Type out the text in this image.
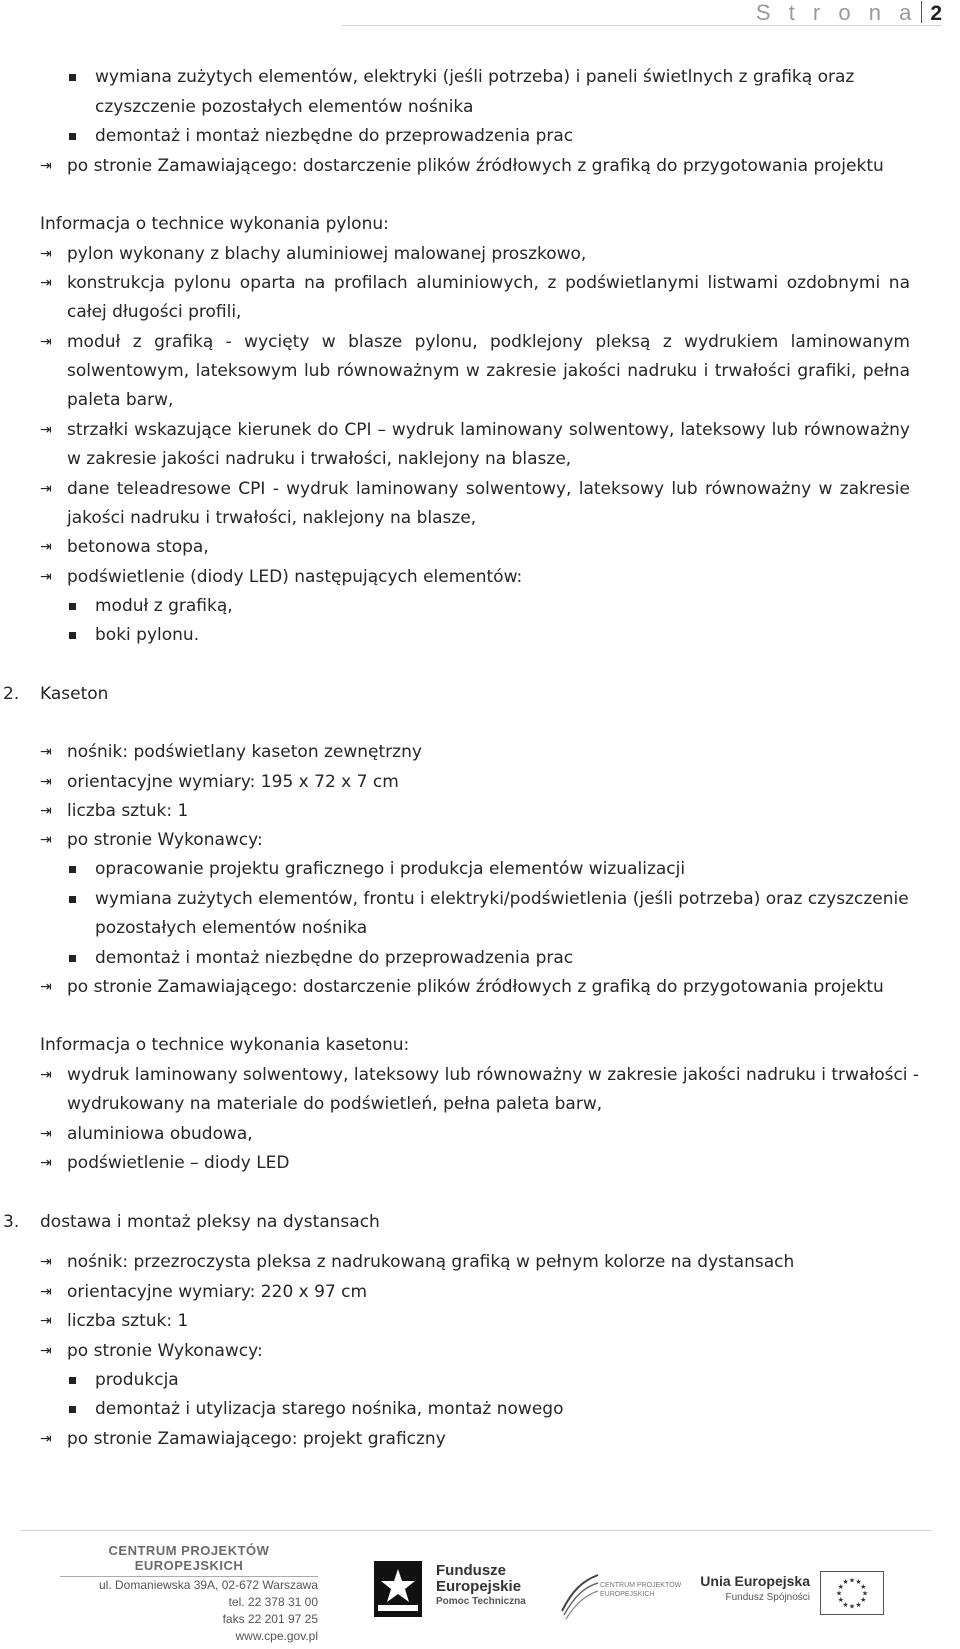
S t r o n a 2
wymiana zużytych elementów, elektryki (jeśli potrzeba) i paneli świetlnych z grafiką oraz
czyszczenie pozostałych elementów nośnika
demontaż i montaż niezbędne do przeprowadzenia prac
⇥ po stronie Zamawiającego: dostarczenie plików źródłowych z grafiką do przygotowania projektu
Informacja o technice wykonania pylonu:
⇥ pylon wykonany z blachy aluminiowej malowanej proszkowo,
⇥ konstrukcja pylonu oparta na profilach aluminiowych, z podświetlanymi listwami ozdobnymi na
całej długości profili,
⇥ moduł z grafiką - wycięty w blasze pylonu, podklejony pleksą z wydrukiem laminowanym
solwentowym, lateksowym lub równoważnym w zakresie jakości nadruku i trwałości grafiki, pełna
paleta barw,
⇥ strzałki wskazujące kierunek do CPI – wydruk laminowany solwentowy, lateksowy lub równoważny
w zakresie jakości nadruku i trwałości, naklejony na blasze,
⇥ dane teleadresowe CPI - wydruk laminowany solwentowy, lateksowy lub równoważny w zakresie
jakości nadruku i trwałości, naklejony na blasze,
⇥ betonowa stopa,
⇥ podświetlenie (diody LED) następujących elementów:
moduł z grafiką,
boki pylonu.
2. Kaseton
⇥ nośnik: podświetlany kaseton zewnętrzny
⇥ orientacyjne wymiary: 195 x 72 x 7 cm
⇥ liczba sztuk: 1
⇥ po stronie Wykonawcy:
opracowanie projektu graficznego i produkcja elementów wizualizacji
wymiana zużytych elementów, frontu i elektryki/podświetlenia (jeśli potrzeba) oraz czyszczenie
pozostałych elementów nośnika
demontaż i montaż niezbędne do przeprowadzenia prac
⇥ po stronie Zamawiającego: dostarczenie plików źródłowych z grafiką do przygotowania projektu
Informacja o technice wykonania kasetonu:
⇥ wydruk laminowany solwentowy, lateksowy lub równoważny w zakresie jakości nadruku i trwałości -
wydrukowany na materiale do podświetleń, pełna paleta barw,
⇥ aluminiowa obudowa,
⇥ podświetlenie – diody LED
3. dostawa i montaż pleksy na dystansach
⇥ nośnik: przezroczysta pleksa z nadrukowaną grafiką w pełnym kolorze na dystansach
⇥ orientacyjne wymiary: 220 x 97 cm
⇥ liczba sztuk: 1
⇥ po stronie Wykonawcy:
produkcja
demontaż i utylizacja starego nośnika, montaż nowego
⇥ po stronie Zamawiającego: projekt graficzny
CENTRUM PROJEKTÓW EUROPEJSKICH
ul. Domaniewska 39A, 02-672 Warszawa
tel. 22 378 31 00
faks 22 201 97 25
www.cpe.gov.pl
Fundusze
Europejskie
Pomoc Techniczna
CENTRUM PROJEKTÓW
EUROPEJSKICH
Unia Europejska
Fundusz Spójności	★
★
★
★
★
★
★
★
★ ★ ★
★
